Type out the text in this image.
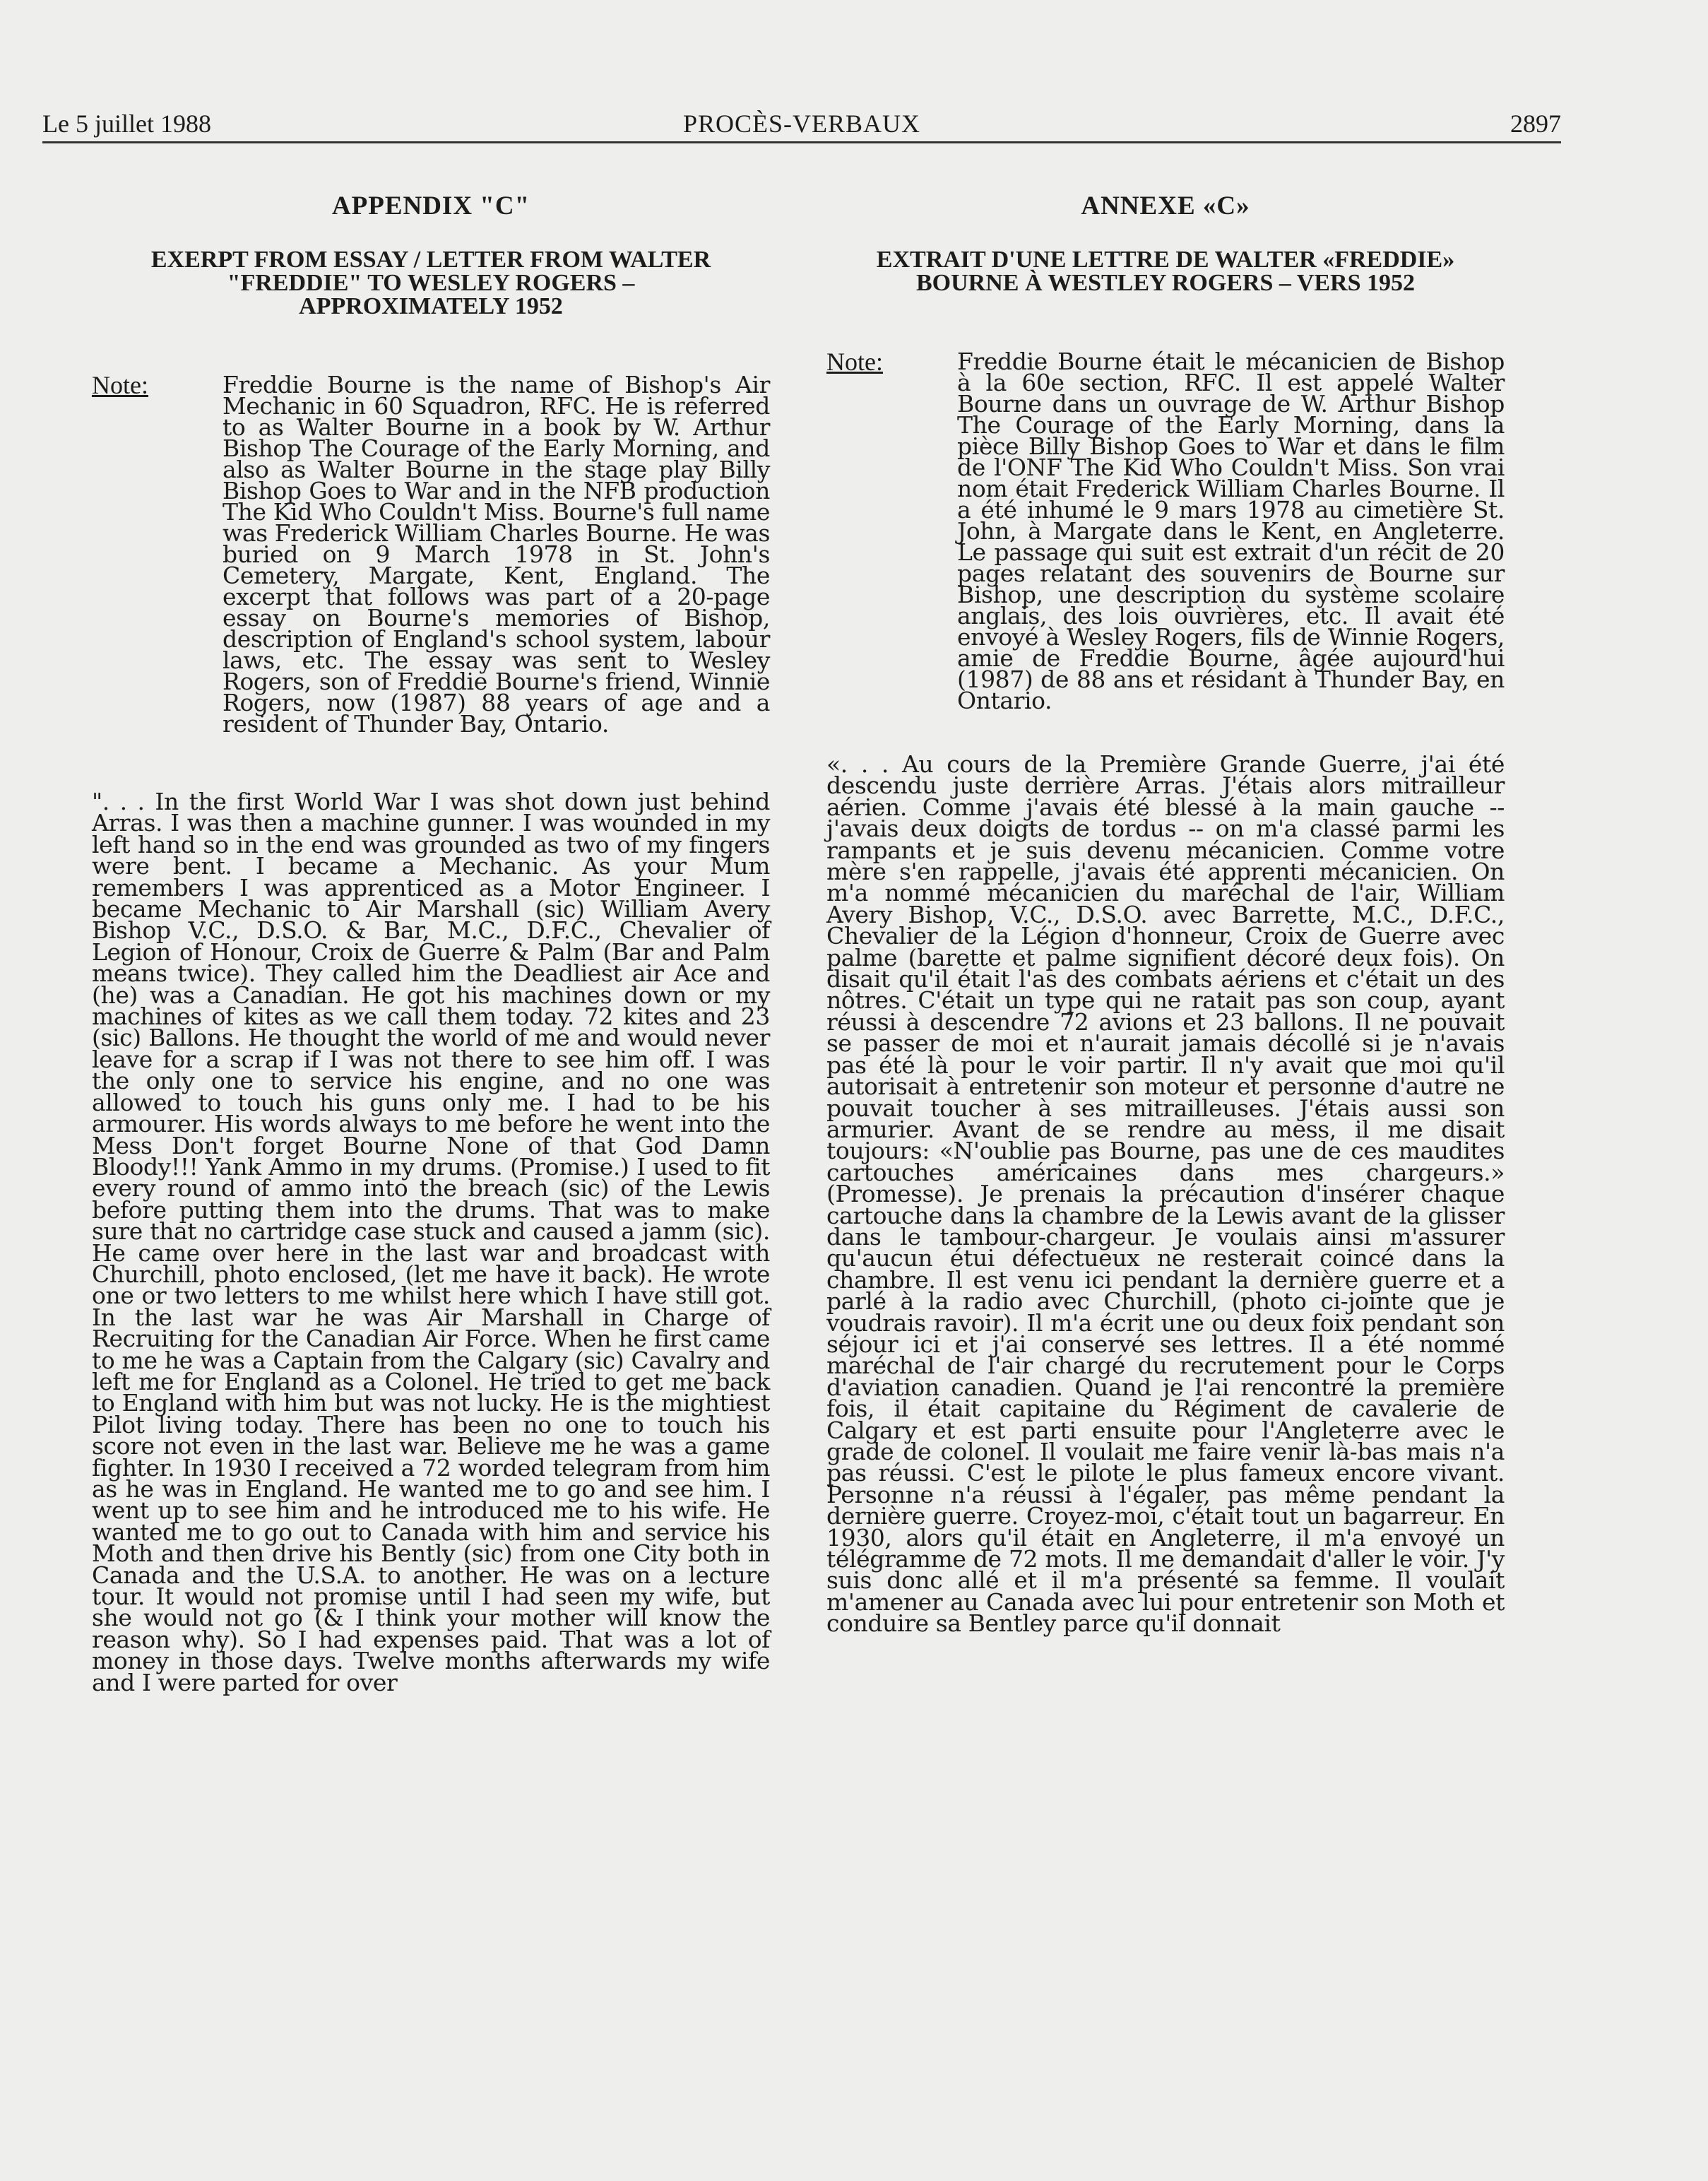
Le 5 juillet 1988	PROCÈS-VERBAUX	2897
APPENDIX "C"
EXERPT FROM ESSAY / LETTER FROM WALTER "FREDDIE" TO WESLEY ROGERS – APPROXIMATELY 1952
Note:	Freddie Bourne is the name of Bishop's Air Mechanic in 60 Squadron, RFC. He is referred to as Walter Bourne in a book by W. Arthur Bishop The Courage of the Early Morning, and also as Walter Bourne in the stage play Billy Bishop Goes to War and in the NFB production The Kid Who Couldn't Miss. Bourne's full name was Frederick William Charles Bourne. He was buried on 9 March 1978 in St. John's Cemetery, Margate, Kent, England. The excerpt that follows was part of a 20-page essay on Bourne's memories of Bishop, description of England's school system, labour laws, etc. The essay was sent to Wesley Rogers, son of Freddie Bourne's friend, Winnie Rogers, now (1987) 88 years of age and a resident of Thunder Bay, Ontario.

". . . In the first World War I was shot down just behind Arras. I was then a machine gunner. I was wounded in my left hand so in the end was grounded as two of my fingers were bent. I became a Mechanic. As your Mum remembers I was apprenticed as a Motor Engineer. I became Mechanic to Air Marshall (sic) William Avery Bishop V.C., D.S.O. & Bar, M.C., D.F.C., Chevalier of Legion of Honour, Croix de Guerre & Palm (Bar and Palm means twice). They called him the Deadliest air Ace and (he) was a Canadian. He got his machines down or my machines of kites as we call them today. 72 kites and 23 (sic) Ballons. He thought the world of me and would never leave for a scrap if I was not there to see him off. I was the only one to service his engine, and no one was allowed to touch his guns only me. I had to be his armourer. His words always to me before he went into the Mess Don't forget Bourne None of that God Damn Bloody!!! Yank Ammo in my drums. (Promise.) I used to fit every round of ammo into the breach (sic) of the Lewis before putting them into the drums. That was to make sure that no cartridge case stuck and caused a jamm (sic). He came over here in the last war and broadcast with Churchill, photo enclosed, (let me have it back). He wrote one or two letters to me whilst here which I have still got. In the last war he was Air Marshall in Charge of Recruiting for the Canadian Air Force. When he first came to me he was a Captain from the Calgary (sic) Cavalry and left me for England as a Colonel. He tried to get me back to England with him but was not lucky. He is the mightiest Pilot living today. There has been no one to touch his score not even in the last war. Believe me he was a game fighter. In 1930 I received a 72 worded telegram from him as he was in England. He wanted me to go and see him. I went up to see him and he introduced me to his wife. He wanted me to go out to Canada with him and service his Moth and then drive his Bently (sic) from one City both in Canada and the U.S.A. to another. He was on a lecture tour. It would not promise until I had seen my wife, but she would not go (& I think your mother will know the reason why). So I had expenses paid. That was a lot of money in those days. Twelve months afterwards my wife and I were parted for over

ANNEXE «C»
EXTRAIT D'UNE LETTRE DE WALTER «FREDDIE» BOURNE À WESTLEY ROGERS – VERS 1952
Note:	Freddie Bourne était le mécanicien de Bishop à la 60e section, RFC. Il est appelé Walter Bourne dans un ouvrage de W. Arthur Bishop The Courage of the Early Morning, dans la pièce Billy Bishop Goes to War et dans le film de l'ONF The Kid Who Couldn't Miss. Son vrai nom était Frederick William Charles Bourne. Il a été inhumé le 9 mars 1978 au cimetière St. John, à Margate dans le Kent, en Angleterre. Le passage qui suit est extrait d'un récit de 20 pages relatant des souvenirs de Bourne sur Bishop, une description du système scolaire anglais, des lois ouvrières, etc. Il avait été envoyé à Wesley Rogers, fils de Winnie Rogers, amie de Freddie Bourne, âgée aujourd'hui (1987) de 88 ans et résidant à Thunder Bay, en Ontario.

«. . . Au cours de la Première Grande Guerre, j'ai été descendu juste derrière Arras. J'étais alors mitrailleur aérien. Comme j'avais été blessé à la main gauche -- j'avais deux doigts de tordus -- on m'a classé parmi les rampants et je suis devenu mécanicien. Comme votre mère s'en rappelle, j'avais été apprenti mécanicien. On m'a nommé mécanicien du maréchal de l'air, William Avery Bishop, V.C., D.S.O. avec Barrette, M.C., D.F.C., Chevalier de la Légion d'honneur, Croix de Guerre avec palme (barette et palme signifient décoré deux fois). On disait qu'il était l'as des combats aériens et c'était un des nôtres. C'était un type qui ne ratait pas son coup, ayant réussi à descendre 72 avions et 23 ballons. Il ne pouvait se passer de moi et n'aurait jamais décollé si je n'avais pas été là pour le voir partir. Il n'y avait que moi qu'il autorisait à entretenir son moteur et personne d'autre ne pouvait toucher à ses mitrailleuses. J'étais aussi son armurier. Avant de se rendre au mess, il me disait toujours: «N'oublie pas Bourne, pas une de ces maudites cartouches américaines dans mes chargeurs.» (Promesse). Je prenais la précaution d'insérer chaque cartouche dans la chambre de la Lewis avant de la glisser dans le tambour-chargeur. Je voulais ainsi m'assurer qu'aucun étui défectueux ne resterait coincé dans la chambre. Il est venu ici pendant la dernière guerre et a parlé à la radio avec Churchill, (photo ci-jointe que je voudrais ravoir). Il m'a écrit une ou deux foix pendant son séjour ici et j'ai conservé ses lettres. Il a été nommé maréchal de l'air chargé du recrutement pour le Corps d'aviation canadien. Quand je l'ai rencontré la première fois, il était capitaine du Régiment de cavalerie de Calgary et est parti ensuite pour l'Angleterre avec le grade de colonel. Il voulait me faire venir là-bas mais n'a pas réussi. C'est le pilote le plus fameux encore vivant. Personne n'a réussi à l'égaler, pas même pendant la dernière guerre. Croyez-moi, c'était tout un bagarreur. En 1930, alors qu'il était en Angleterre, il m'a envoyé un télégramme de 72 mots. Il me demandait d'aller le voir. J'y suis donc allé et il m'a présenté sa femme. Il voulait m'amener au Canada avec lui pour entretenir son Moth et conduire sa Bentley parce qu'il donnait
